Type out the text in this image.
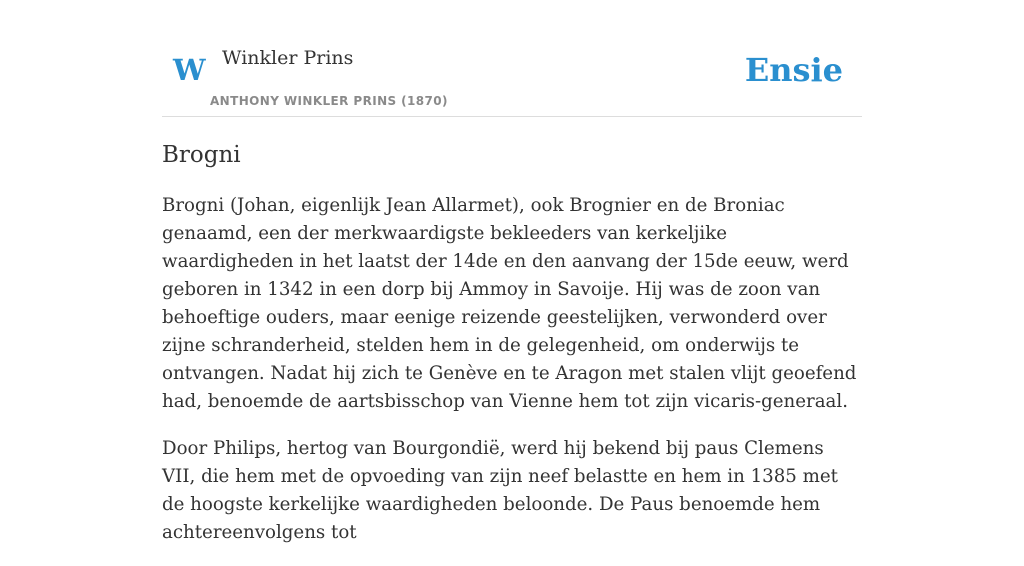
W Winkler Prins
ANTHONY WINKLER PRINS (1870)
Ensie
Brogni

Brogni (Johan, eigenlijk Jean Allarmet), ook Brognier en de Broniac genaamd, een der merkwaardigste bekleeders van kerkeljike waardigheden in het laatst der 14de en den aanvang der 15de eeuw, werd geboren in 1342 in een dorp bij Ammoy in Savoije. Hij was de zoon van behoeftige ouders, maar eenige reizende geestelijken, verwonderd over zijne schranderheid, stelden hem in de gelegenheid, om onderwijs te ontvangen. Nadat hij zich te Genève en te Aragon met stalen vlijt geoefend had, benoemde de aartsbisschop van Vienne hem tot zijn vicaris-generaal.

Door Philips, hertog van Bourgondië, werd hij bekend bij paus Clemens VII, die hem met de opvoeding van zijn neef belastte en hem in 1385 met de hoogste kerkelijke waardigheden beloonde. De Paus benoemde hem achtereenvolgens tot
